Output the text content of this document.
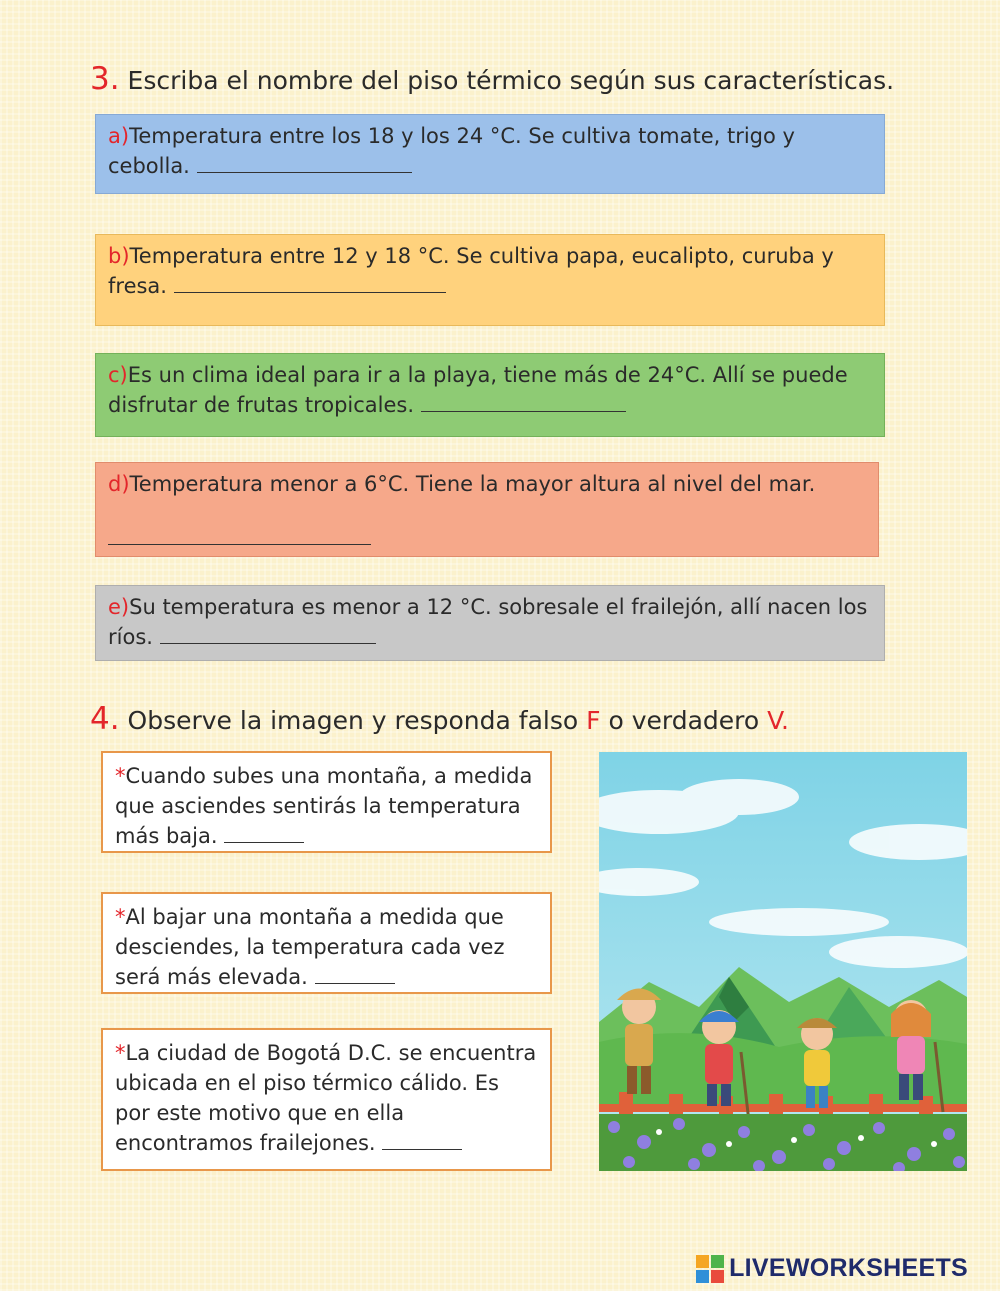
3. Escriba el nombre del piso térmico según sus características.
a)Temperatura entre los 18 y los 24 °C. Se cultiva tomate, trigo y cebolla.
b)Temperatura entre 12 y 18 °C. Se cultiva papa, eucalipto, curuba y fresa.
c)Es un clima ideal para ir a la playa, tiene más de 24°C. Allí se puede disfrutar de frutas tropicales.
d)Temperatura menor a 6°C. Tiene la mayor altura al nivel del mar.
e)Su temperatura es menor a 12 °C. sobresale el frailejón, allí nacen los ríos.
4. Observe la imagen y responda falso F o verdadero V.
*Cuando subes una montaña, a medida que asciendes sentirás la temperatura más baja.
*Al bajar una montaña a medida que desciendes, la temperatura cada vez será más elevada.
*La ciudad de Bogotá D.C. se encuentra ubicada en el piso térmico cálido. Es por este motivo que en ella encontramos frailejones.
LIVEWORKSHEETS
